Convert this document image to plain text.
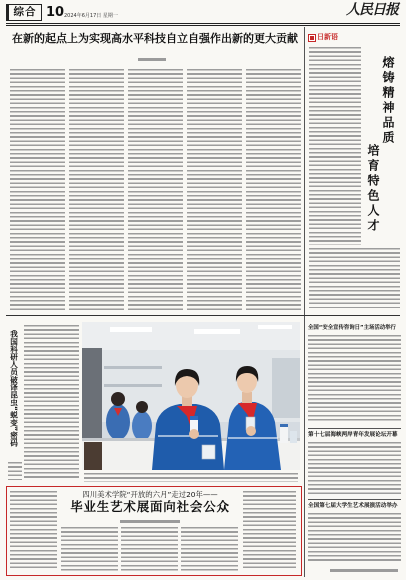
综合 10 2024年6月17日 星期一	人民日报
在新的起点上为实现高水平科技自立自强作出新的更大贡献	日新语
熔铸精神品质
培育特色人才
我国科研人员破译昆虫“蜕变”密码
全国“安全宣传咨询日”主场活动举行
第十七届海峡两岸青年发展论坛开幕
全国第七届大学生艺术展演活动举办
四川美术学院“开放的六月”走过20年——
毕业生艺术展面向社会公众
